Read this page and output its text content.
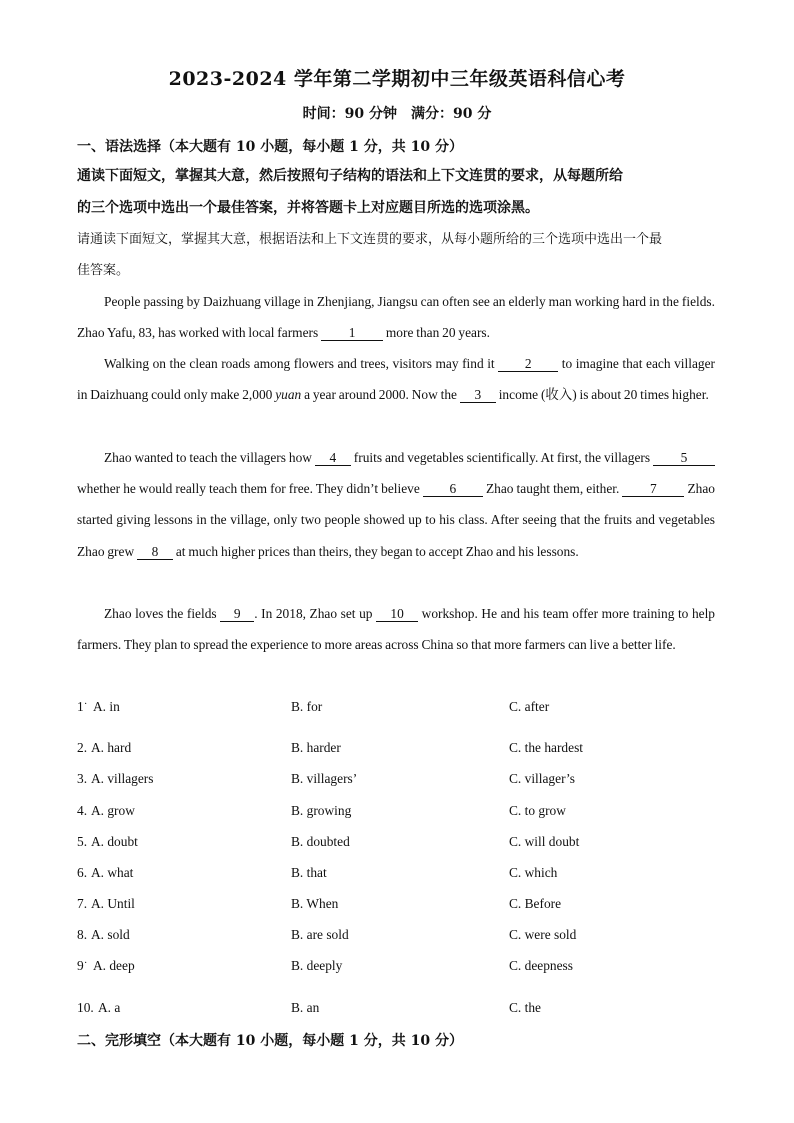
2023-2024 学年第二学期初中三年级英语科信心考
时间：90 分钟　满分：90 分
一、语法选择（本大题有 10 小题，每小题 1 分，共 10 分）
通读下面短文，掌握其大意，然后按照句子结构的语法和上下文连贯的要求，从每题所给
的三个选项中选出一个最佳答案，并将答题卡上对应题目所选的选项涂黑。
请通读下面短文，掌握其大意，根据语法和上下文连贯的要求，从每小题所给的三个选项中选出一个最
佳答案。
People passing by Daizhuang village in Zhenjiang, Jiangsu can often see an elderly man working hard in the fields. Zhao Yafu, 83, has worked with local farmers 1 more than 20 years.
Walking on the clean roads among flowers and trees, visitors may find it 2 to imagine that each villager in Daizhuang could only make 2,000 yuan a year around 2000. Now the 3 income (收入) is about 20 times higher.
Zhao wanted to teach the villagers how 4 fruits and vegetables scientifically. At first, the villagers 5 whether he would really teach them for free. They didn’t believe 6 Zhao taught them, either. 7 Zhao started giving lessons in the village, only two people showed up to his class. After seeing that the fruits and vegetables Zhao grew 8 at much higher prices than theirs, they began to accept Zhao and his lessons.
Zhao loves the fields 9 . In 2018, Zhao set up 10 workshop. He and his team offer more training to help farmers. They plan to spread the experience to more areas across China so that more farmers can live a better life.
1 · A. in	B. for	C. after
2. A. hard	B. harder	C. the hardest
3. A. villagers	B. villagers’	C. villager’s
4. A. grow	B. growing	C. to grow
5. A. doubt	B. doubted	C. will doubt
6. A. what	B. that	C. which
7. A. Until	B. When	C. Before
8. A. sold	B. are sold	C. were sold
9 · A. deep	B. deeply	C. deepness
10. A. a	B. an	C. the
二、完形填空（本大题有 10 小题，每小题 1 分，共 10 分）
